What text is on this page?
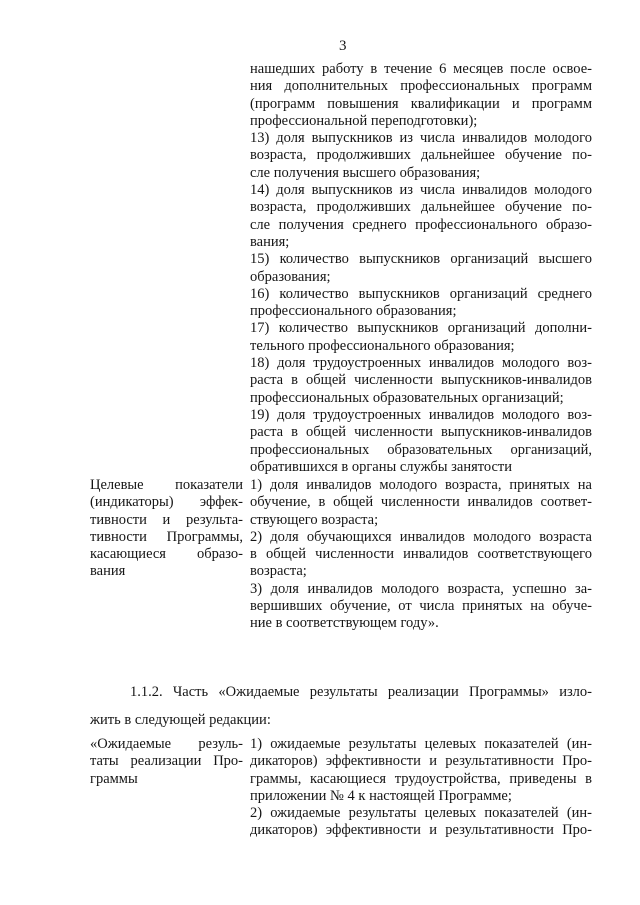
3
нашедших работу в течение 6 месяцев после освое-
ния дополнительных профессиональных программ
(программ повышения квалификации и программ
профессиональной переподготовки);
13) доля выпускников из числа инвалидов молодого
возраста, продолживших дальнейшее обучение по-
сле получения высшего образования;
14) доля выпускников из числа инвалидов молодого
возраста, продолживших дальнейшее обучение по-
сле получения среднего профессионального образо-
вания;
15) количество выпускников организаций высшего
образования;
16) количество выпускников организаций среднего
профессионального образования;
17) количество выпускников организаций дополни-
тельного профессионального образования;
18) доля трудоустроенных инвалидов молодого воз-
раста в общей численности выпускников-инвалидов
профессиональных образовательных организаций;
19) доля трудоустроенных инвалидов молодого воз-
раста в общей численности выпускников-инвалидов
профессиональных образовательных организаций,
обратившихся в органы службы занятости
Целевые показатели
(индикаторы) эффек-
тивности и результа-
тивности Программы,
касающиеся образо-
вания
1) доля инвалидов молодого возраста, принятых на
обучение, в общей численности инвалидов соответ-
ствующего возраста;
2) доля обучающихся инвалидов молодого возраста
в общей численности инвалидов соответствующего
возраста;
3) доля инвалидов молодого возраста, успешно за-
вершивших обучение, от числа принятых на обуче-
ние в соответствующем году».
1.1.2. Часть «Ожидаемые результаты реализации Программы» изло-
жить в следующей редакции:
«Ожидаемые резуль-
таты реализации Про-
граммы
1) ожидаемые результаты целевых показателей (ин-
дикаторов) эффективности и результативности Про-
граммы, касающиеся трудоустройства, приведены в
приложении № 4 к настоящей Программе;
2) ожидаемые результаты целевых показателей (ин-
дикаторов) эффективности и результативности Про-
